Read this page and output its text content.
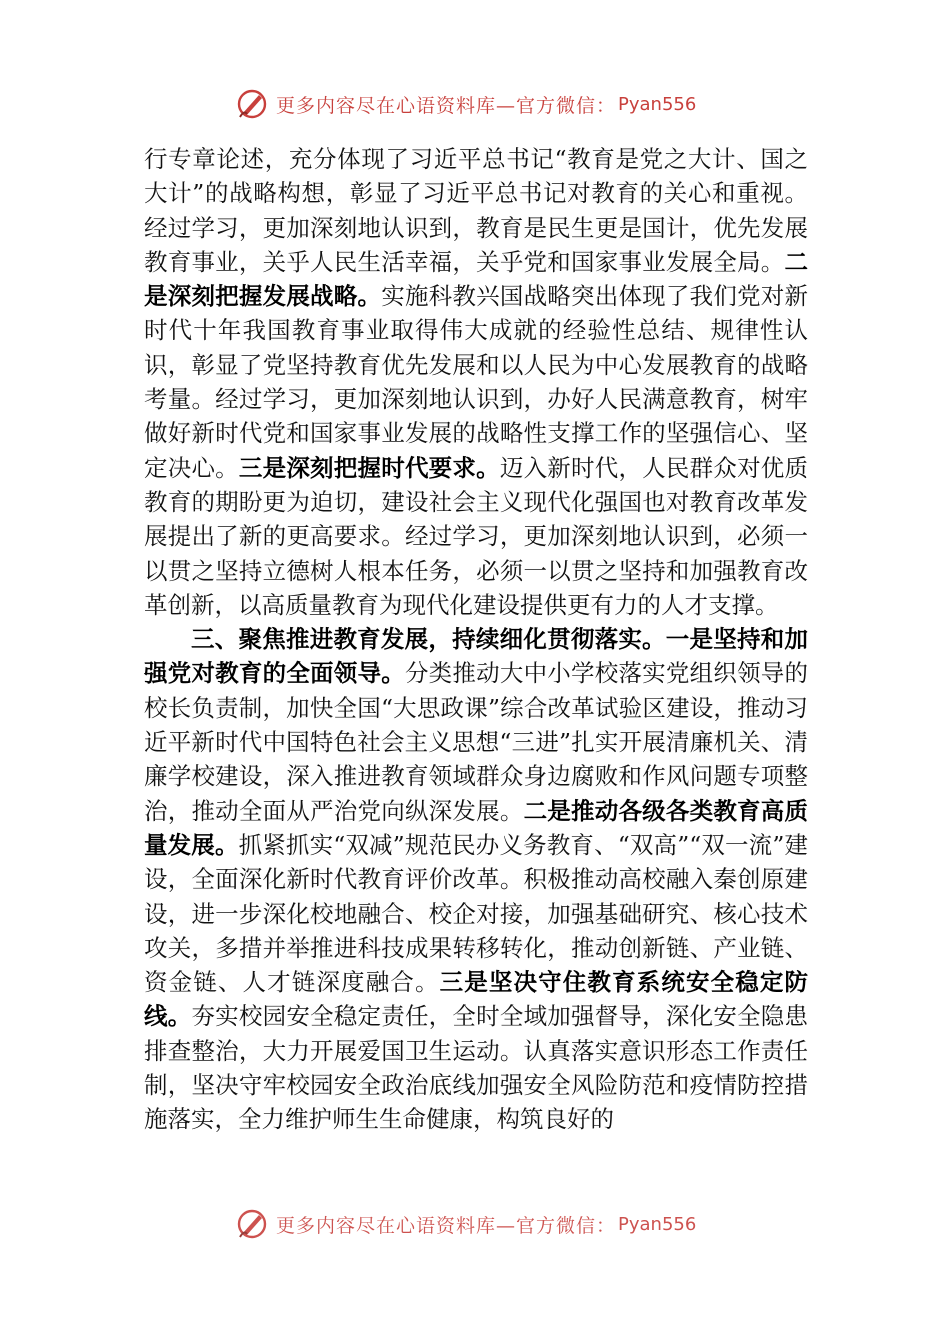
更多内容尽在心语资料库—官方微信： Pyan556

行专章论述，充分体现了习近平总书记“教育是党之大计、国之大计”的战略构想，彰显了习近平总书记对教育的关心和重视。经过学习，更加深刻地认识到，教育是民生更是国计，优先发展教育事业，关乎人民生活幸福，关乎党和国家事业发展全局。二是深刻把握发展战略。实施科教兴国战略突出体现了我们党对新时代十年我国教育事业取得伟大成就的经验性总结、规律性认识，彰显了党坚持教育优先发展和以人民为中心发展教育的战略考量。经过学习，更加深刻地认识到，办好人民满意教育，树牢做好新时代党和国家事业发展的战略性支撑工作的坚强信心、坚定决心。三是深刻把握时代要求。迈入新时代，人民群众对优质教育的期盼更为迫切，建设社会主义现代化强国也对教育改革发展提出了新的更高要求。经过学习，更加深刻地认识到，必须一以贯之坚持立德树人根本任务，必须一以贯之坚持和加强教育改革创新，以高质量教育为现代化建设提供更有力的人才支撑。

三、聚焦推进教育发展，持续细化贯彻落实。一是坚持和加强党对教育的全面领导。分类推动大中小学校落实党组织领导的校长负责制，加快全国“大思政课”综合改革试验区建设，推动习近平新时代中国特色社会主义思想“三进”扎实开展清廉机关、清廉学校建设，深入推进教育领域群众身边腐败和作风问题专项整治，推动全面从严治党向纵深发展。二是推动各级各类教育高质量发展。抓紧抓实“双减”规范民办义务教育、“双高”“双一流”建设，全面深化新时代教育评价改革。积极推动高校融入秦创原建设，进一步深化校地融合、校企对接，加强基础研究、核心技术攻关，多措并举推进科技成果转移转化，推动创新链、产业链、资金链、人才链深度融合。三是坚决守住教育系统安全稳定防线。夯实校园安全稳定责任，全时全域加强督导，深化安全隐患排查整治，大力开展爱国卫生运动。认真落实意识形态工作责任制，坚决守牢校园安全政治底线加强安全风险防范和疫情防控措施落实，全力维护师生生命健康，构筑良好的

更多内容尽在心语资料库—官方微信： Pyan556
